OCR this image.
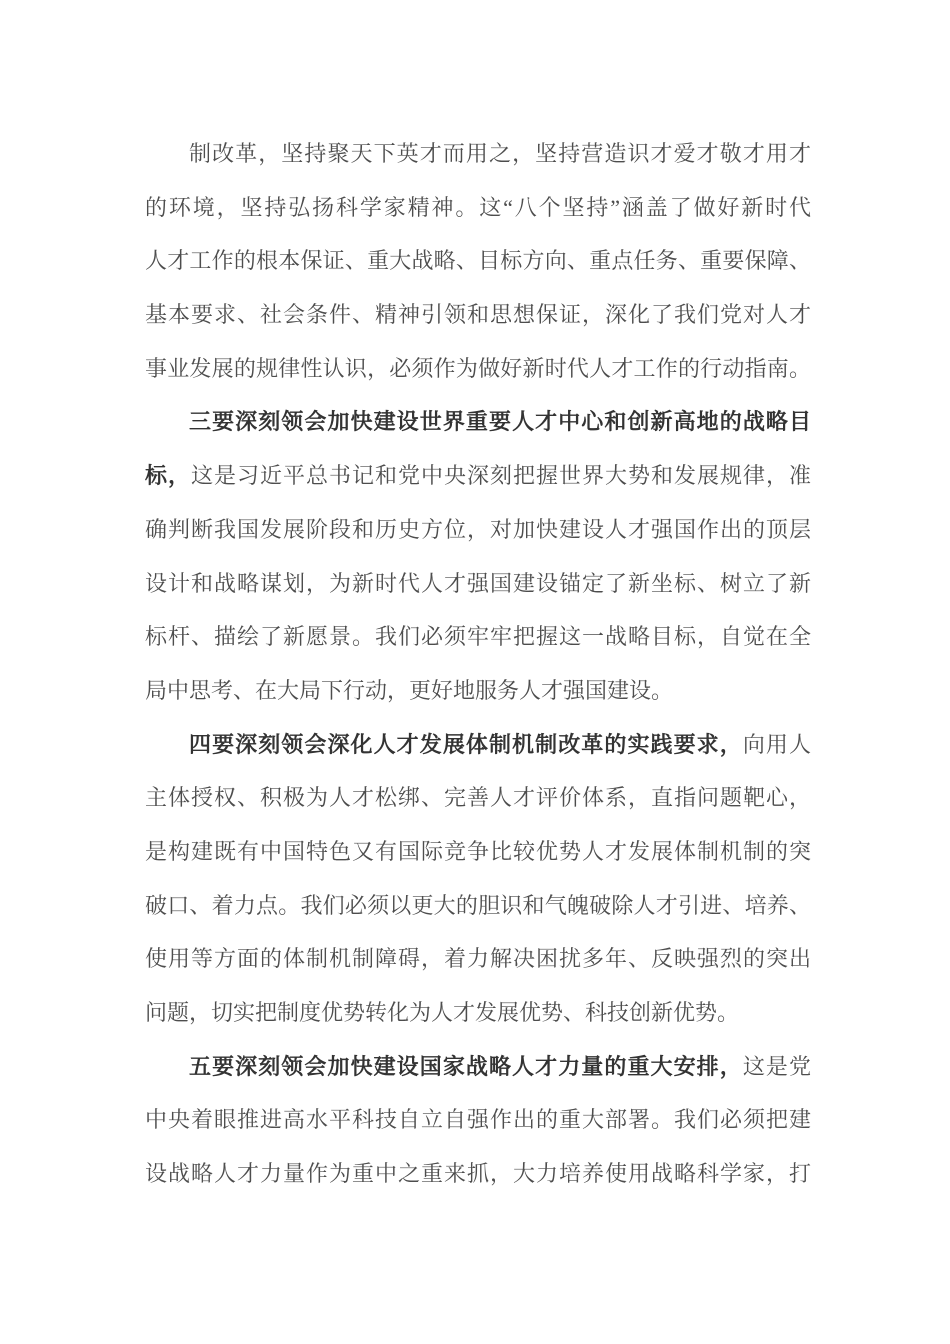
制改革，坚持聚天下英才而用之，坚持营造识才爱才敬才用才
的环境，坚持弘扬科学家精神。这“八个坚持”涵盖了做好新时代
人才工作的根本保证、重大战略、目标方向、重点任务、重要保障、
基本要求、社会条件、精神引领和思想保证，深化了我们党对人才
事业发展的规律性认识，必须作为做好新时代人才工作的行动指南。
三要深刻领会加快建设世界重要人才中心和创新高地的战略目
标，这是习近平总书记和党中央深刻把握世界大势和发展规律，准
确判断我国发展阶段和历史方位，对加快建设人才强国作出的顶层
设计和战略谋划，为新时代人才强国建设锚定了新坐标、树立了新
标杆、描绘了新愿景。我们必须牢牢把握这一战略目标，自觉在全
局中思考、在大局下行动，更好地服务人才强国建设。
四要深刻领会深化人才发展体制机制改革的实践要求，向用人
主体授权、积极为人才松绑、完善人才评价体系，直指问题靶心，
是构建既有中国特色又有国际竞争比较优势人才发展体制机制的突
破口、着力点。我们必须以更大的胆识和气魄破除人才引进、培养、
使用等方面的体制机制障碍，着力解决困扰多年、反映强烈的突出
问题，切实把制度优势转化为人才发展优势、科技创新优势。
五要深刻领会加快建设国家战略人才力量的重大安排，这是党
中央着眼推进高水平科技自立自强作出的重大部署。我们必须把建
设战略人才力量作为重中之重来抓，大力培养使用战略科学家，打
